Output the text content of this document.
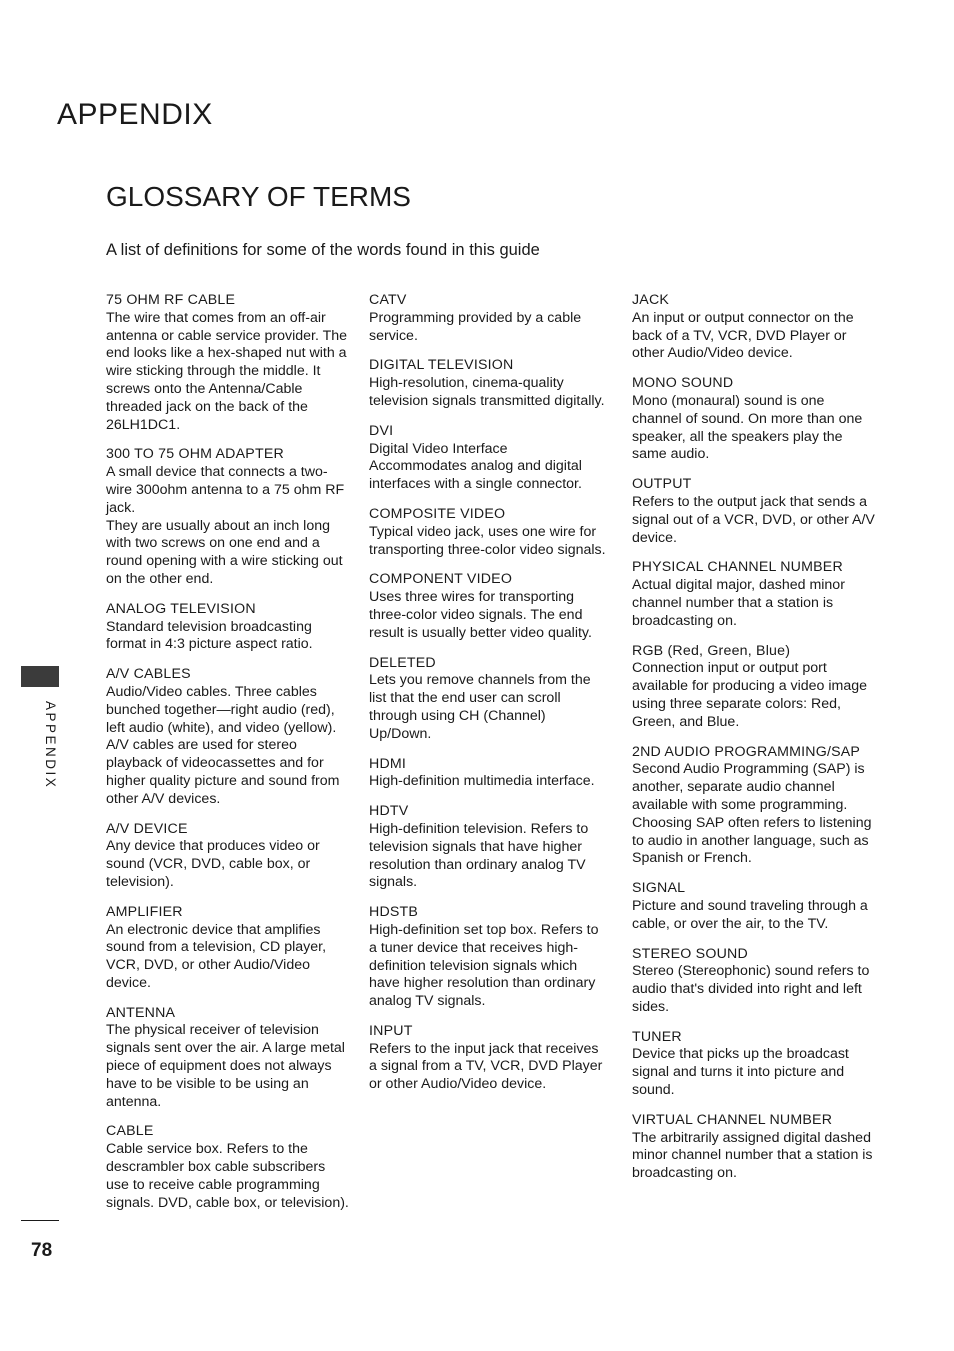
APPENDIX
GLOSSARY OF TERMS

A list of definitions for some of the words found in this guide

75 OHM RF CABLE
The wire that comes from an off-air antenna or cable service provider. The end looks like a hex-shaped nut with a wire sticking through the middle. It screws onto the Antenna/Cable threaded jack on the back of the 26LH1DC1.
300 TO 75 OHM ADAPTER
A small device that connects a two-wire 300ohm antenna to a 75 ohm RF jack.
They are usually about an inch long with two screws on one end and a round opening with a wire sticking out on the other end.
ANALOG TELEVISION
Standard television broadcasting format in 4:3 picture aspect ratio.
A/V CABLES
Audio/Video cables. Three cables bunched together—right audio (red), left audio (white), and video (yellow). A/V cables are used for stereo playback of videocassettes and for higher quality picture and sound from other A/V devices.
A/V DEVICE
Any device that produces video or sound (VCR, DVD, cable box, or television).
AMPLIFIER
An electronic device that amplifies sound from a television, CD player, VCR, DVD, or other Audio/Video device.
ANTENNA
The physical receiver of television signals sent over the air. A large metal piece of equipment does not always have to be visible to be using an antenna.
CABLE
Cable service box. Refers to the descrambler box cable subscribers use to receive cable programming signals. DVD, cable box, or television).
CATV
Programming provided by a cable service.
DIGITAL TELEVISION
High-resolution, cinema-quality television signals transmitted digitally.
DVI
Digital Video Interface
Accommodates analog and digital interfaces with a single connector.
COMPOSITE VIDEO
Typical video jack, uses one wire for transporting three-color video signals.
COMPONENT VIDEO
Uses three wires for transporting three-color video signals. The end result is usually better video quality.
DELETED
Lets you remove channels from the list that the end user can scroll through using CH (Channel) Up/Down.
HDMI
High-definition multimedia interface.
HDTV
High-definition television. Refers to television signals that have higher resolution than ordinary analog TV signals.
HDSTB
High-definition set top box. Refers to a tuner device that receives high-definition television signals which have higher resolution than ordinary analog TV signals.
INPUT
Refers to the input jack that receives a signal from a TV, VCR, DVD Player or other Audio/Video device.
JACK
An input or output connector on the back of a TV, VCR, DVD Player or other Audio/Video device.
MONO SOUND
Mono (monaural) sound is one channel of sound. On more than one speaker, all the speakers play the same audio.
OUTPUT
Refers to the output jack that sends a signal out of a VCR, DVD, or other A/V device.
PHYSICAL CHANNEL NUMBER
Actual digital major, dashed minor channel number that a station is broadcasting on.
RGB (Red, Green, Blue)
Connection input or output port available for producing a video image using three separate colors: Red, Green, and Blue.
2ND AUDIO PROGRAMMING/SAP
Second Audio Programming (SAP) is another, separate audio channel available with some programming. Choosing SAP often refers to listening to audio in another language, such as Spanish or French.
SIGNAL
Picture and sound traveling through a cable, or over the air, to the TV.
STEREO SOUND
Stereo (Stereophonic) sound refers to audio that's divided into right and left sides.
TUNER
Device that picks up the broadcast signal and turns it into picture and sound.
VIRTUAL CHANNEL NUMBER
The arbitrarily assigned digital dashed minor channel number that a station is broadcasting on.
APPENDIX
78
